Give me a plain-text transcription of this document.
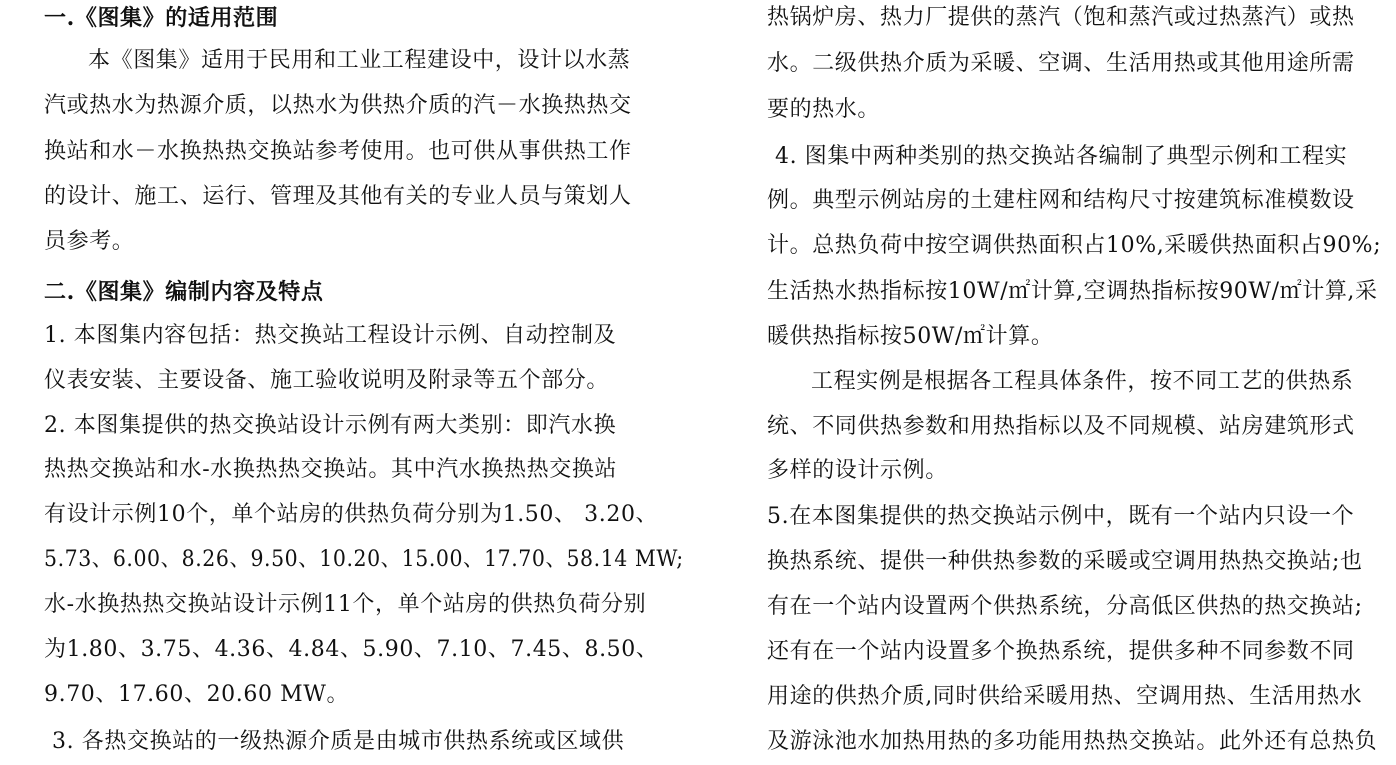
一.《图集》的适用范围
本《图集》适用于民用和工业工程建设中，设计以水蒸
汽或热水为热源介质，以热水为供热介质的汽－水换热热交
换站和水－水换热热交换站参考使用。也可供从事供热工作
的设计、施工、运行、管理及其他有关的专业人员与策划人
员参考。
二.《图集》编制内容及特点
1. 本图集内容包括：热交换站工程设计示例、自动控制及
仪表安装、主要设备、施工验收说明及附录等五个部分。
2. 本图集提供的热交换站设计示例有两大类别：即汽水换
热热交换站和水-水换热热交换站。其中汽水换热热交换站
有设计示例10个，单个站房的供热负荷分别为1.50、 3.20、
5.73、6.00、8.26、9.50、10.20、15.00、17.70、58.14 MW;
水-水换热热交换站设计示例11个，单个站房的供热负荷分别
为1.80、3.75、4.36、4.84、5.90、7.10、7.45、8.50、
9.70、17.60、20.60 MW。
3. 各热交换站的一级热源介质是由城市供热系统或区域供
热锅炉房、热力厂提供的蒸汽（饱和蒸汽或过热蒸汽）或热
水。二级供热介质为采暖、空调、生活用热或其他用途所需
要的热水。
4. 图集中两种类别的热交换站各编制了典型示例和工程实
例。典型示例站房的土建柱网和结构尺寸按建筑标准模数设
计。总热负荷中按空调供热面积占10%,采暖供热面积占90%;
生活热水热指标按10W/㎡计算,空调热指标按90W/㎡计算,采
暖供热指标按50W/㎡计算。
工程实例是根据各工程具体条件，按不同工艺的供热系
统、不同供热参数和用热指标以及不同规模、站房建筑形式
多样的设计示例。
5.在本图集提供的热交换站示例中，既有一个站内只设一个
换热系统、提供一种供热参数的采暖或空调用热热交换站;也
有在一个站内设置两个供热系统，分高低区供热的热交换站;
还有在一个站内设置多个换热系统，提供多种不同参数不同
用途的供热介质,同时供给采暖用热、空调用热、生活用热水
及游泳池水加热用热的多功能用热热交换站。此外还有总热负
